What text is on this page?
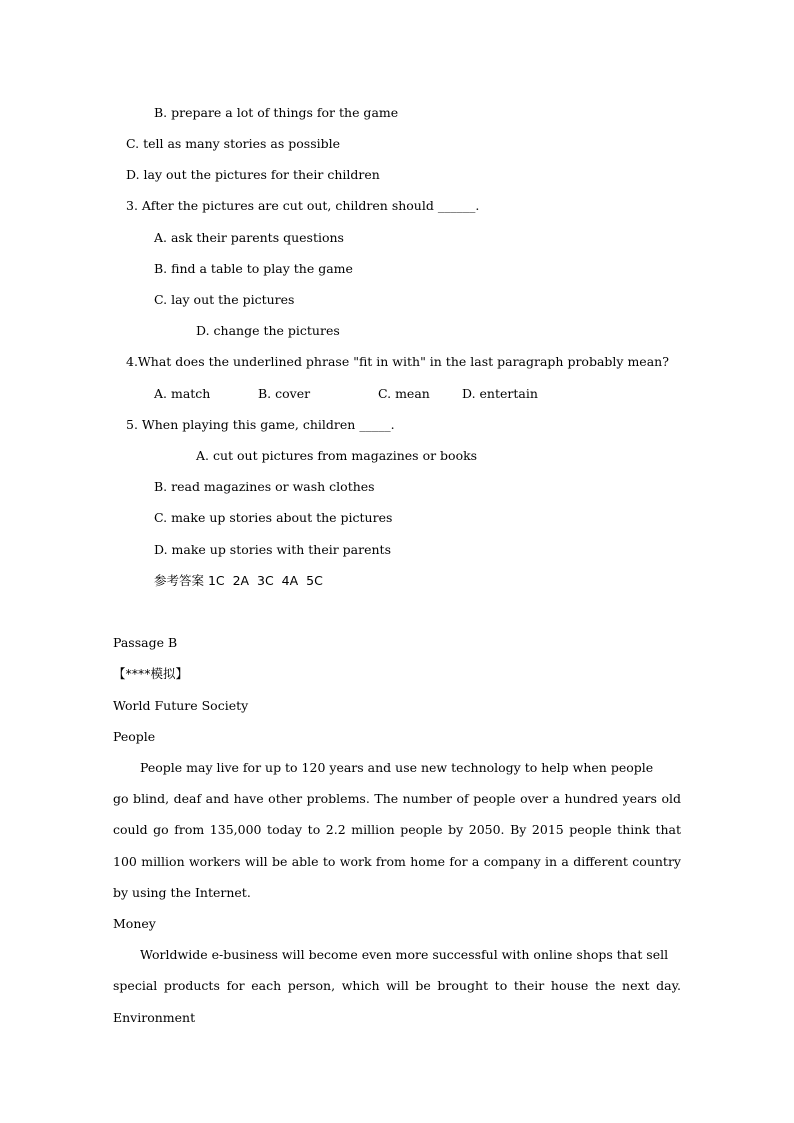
B. prepare a lot of things for the game
C. tell as many stories as possible
D. lay out the pictures for their children
3. After the pictures are cut out, children should ______.
A. ask their parents questions
B. find a table to play the game
C. lay out the pictures
D. change the pictures
4.What does the underlined phrase "fit in with" in the last paragraph probably mean?
A. match	B. cover	C. mean	D. entertain
5. When playing this game, children _____.
A. cut out pictures from magazines or books
B. read magazines or wash clothes
C. make up stories about the pictures
D. make up stories with their parents
参考答案 1C  2A  3C  4A  5C
Passage B
【****模拟】
World Future Society
People
People may live for up to 120 years and use new technology to help when people
go blind, deaf and have other problems. The number of people over a hundred years old
could go from 135,000 today to 2.2 million people by 2050. By 2015 people think that
100 million workers will be able to work from home for a company in a different country
by using the Internet.
Money
Worldwide e-business will become even more successful with online shops that sell
special products for each person, which will be brought to their house the next day.
Environment
